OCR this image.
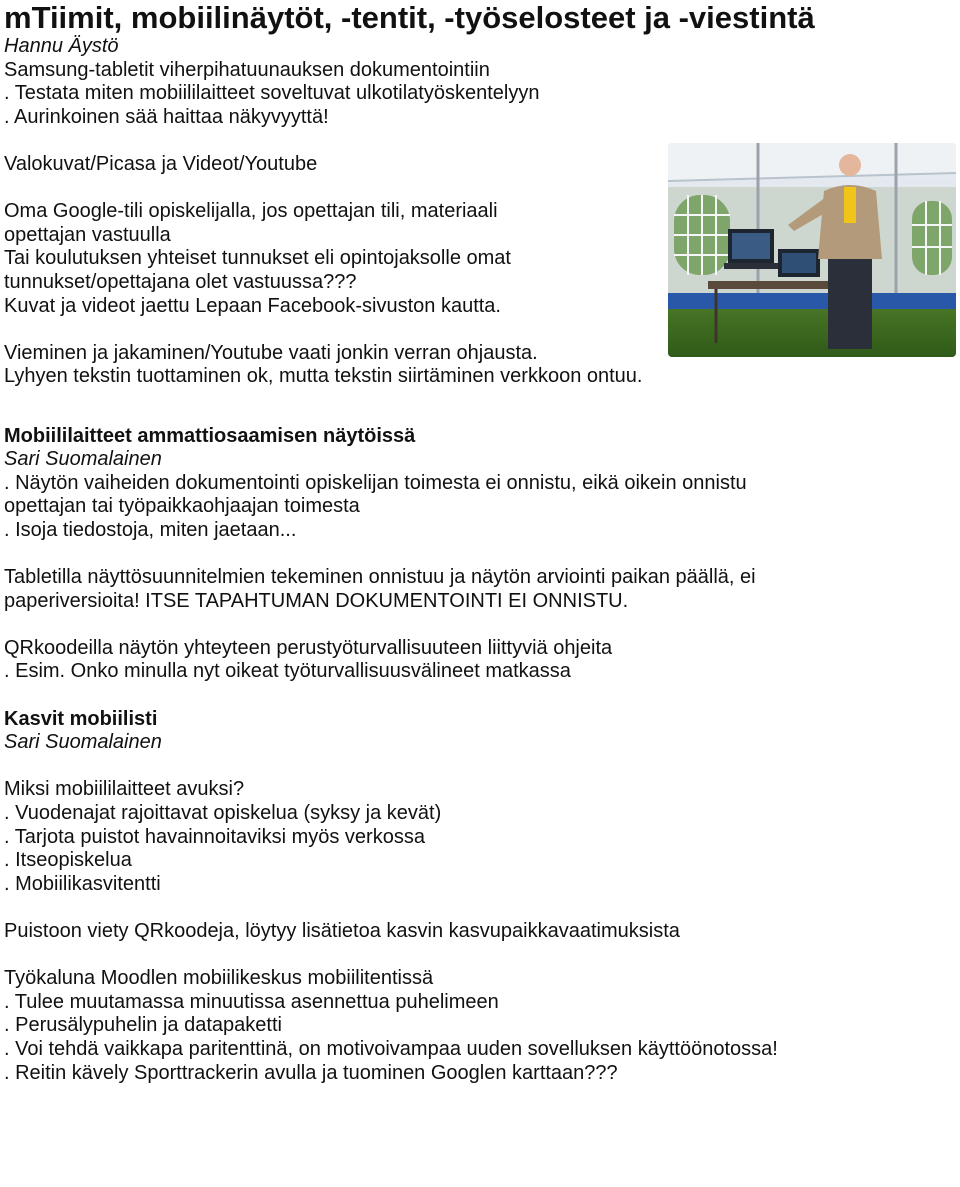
mTiimit, mobiilinäytöt, -tentit, -työselosteet ja -viestintä
Hannu Äystö
Samsung-tabletit viherpihatuunauksen dokumentointiin
. Testata miten mobiililaitteet soveltuvat ulkotilatyöskentelyyn
. Aurinkoinen sää haittaa näkyvyyttä!
Valokuvat/Picasa ja Videot/Youtube
Oma Google-tili opiskelijalla, jos opettajan tili, materiaali
opettajan vastuulla
Tai koulutuksen yhteiset tunnukset eli opintojaksolle omat
tunnukset/opettajana olet vastuussa???
Kuvat ja videot jaettu Lepaan Facebook-sivuston kautta.
Vieminen ja jakaminen/Youtube vaati jonkin verran ohjausta.
Lyhyen tekstin tuottaminen ok, mutta tekstin siirtäminen verkkoon ontuu.
Mobiililaitteet ammattiosaamisen näytöissä
Sari Suomalainen
. Näytön vaiheiden dokumentointi opiskelijan toimesta ei onnistu, eikä oikein onnistu
opettajan tai työpaikkaohjaajan toimesta
. Isoja tiedostoja, miten jaetaan...
Tabletilla näyttösuunnitelmien tekeminen onnistuu ja näytön arviointi paikan päällä, ei
paperiversioita! ITSE TAPAHTUMAN DOKUMENTOINTI EI ONNISTU.
QRkoodeilla näytön yhteyteen perustyöturvallisuuteen liittyviä ohjeita
. Esim. Onko minulla nyt oikeat työturvallisuusvälineet matkassa
Kasvit mobiilisti
Sari Suomalainen
Miksi mobiililaitteet avuksi?
. Vuodenajat rajoittavat opiskelua (syksy ja kevät)
. Tarjota puistot havainnoitaviksi myös verkossa
. Itseopiskelua
. Mobiilikasvitentti
Puistoon viety QRkoodeja, löytyy lisätietoa kasvin kasvupaikkavaatimuksista
Työkaluna Moodlen mobiilikeskus mobiilitentissä
. Tulee muutamassa minuutissa asennettua puhelimeen
. Perusälypuhelin ja datapaketti
. Voi tehdä vaikkapa paritenttinä, on motivoivampaa uuden sovelluksen käyttöönotossa!
. Reitin kävely Sporttrackerin avulla ja tuominen Googlen karttaan???
